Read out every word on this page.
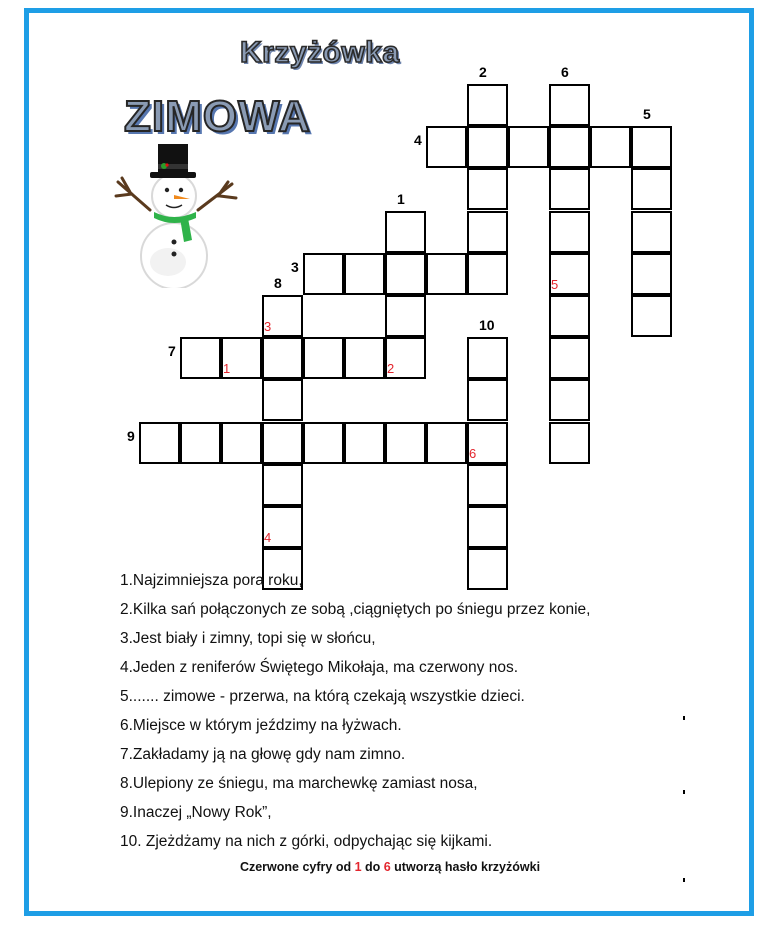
Krzyżówka
ZIMOWA
1
2
3
4
5
6
7
8
9
10
1	2
3
4
5
6
1.Najzimniejsza pora roku,
2.Kilka sań połączonych ze sobą ,ciągniętych po śniegu przez konie,
3.Jest biały i zimny, topi się w słońcu,
4.Jeden z reniferów Świętego Mikołaja, ma czerwony nos.
5....... zimowe - przerwa, na którą czekają wszystkie dzieci.
6.Miejsce w którym jeździmy na łyżwach.
7.Zakładamy ją na głowę gdy nam zimno.
8.Ulepiony ze śniegu, ma marchewkę zamiast nosa,
9.Inaczej „Nowy Rok”,
10. Zjeżdżamy na nich z górki, odpychając się kijkami.
Czerwone cyfry od 1 do 6 utworzą hasło krzyżówki
